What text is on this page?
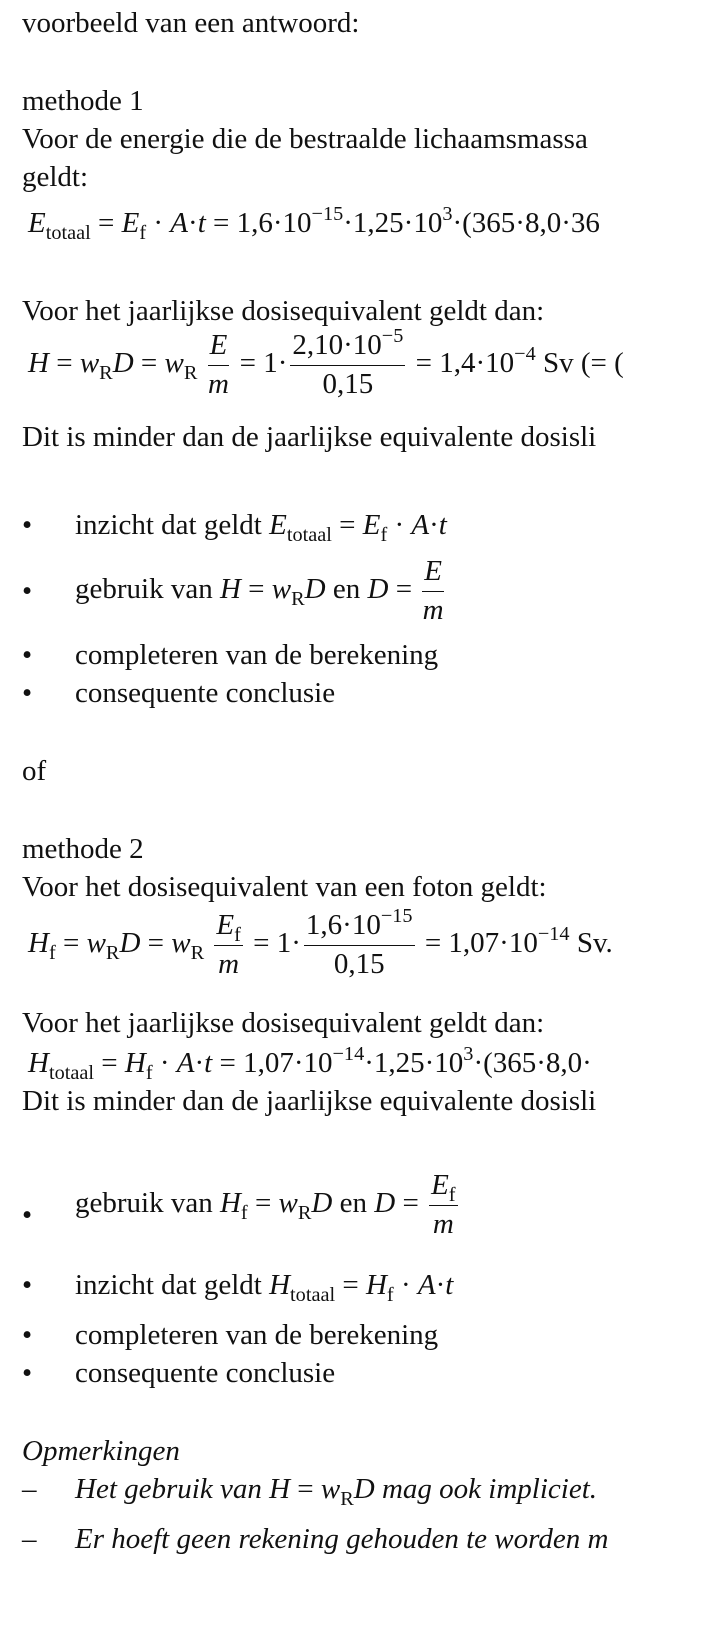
voorbeeld van een antwoord:
methode 1
Voor de energie die de bestraalde lichaamsmassa
geldt:
$E_{totaal} = E_f \cdot A\cdot t = 1,6\cdot 10^{-15}\cdot 1,25\cdot 10^3\cdot(365\cdot 8,0\cdot 36$
Voor het jaarlijkse dosisequivalent geldt dan:
$H = w_RD = w_R \frac{E}{m} = 1\cdot \frac{2,10\cdot 10^{-5}}{0,15} = 1,4\cdot 10^{-4}$ Sv (= (
Dit is minder dan de jaarlijkse equivalente dosisli
• inzicht dat geldt $E_{totaal} = E_f \cdot A\cdot t$
• gebruik van $H = w_RD$ en $D = \frac{E}{m}$
• completeren van de berekening
• consequente conclusie
of
methode 2
Voor het dosisequivalent van een foton geldt:
$H_f = w_RD = w_R \frac{E_f}{m} = 1\cdot \frac{1,6\cdot 10^{-15}}{0,15} = 1,07\cdot 10^{-14}$ Sv.
Voor het jaarlijkse dosisequivalent geldt dan:
$H_{totaal} = H_f \cdot A\cdot t = 1,07\cdot 10^{-14}\cdot 1,25\cdot 10^3\cdot(365\cdot 8,0\cdot$
Dit is minder dan de jaarlijkse equivalente dosisli
• gebruik van $H_f = w_RD$ en $D = \frac{E_f}{m}$
• inzicht dat geldt $H_{totaal} = H_f \cdot A\cdot t$
• completeren van de berekening
• consequente conclusie
Opmerkingen
– Het gebruik van $H = w_RD$ mag ook impliciet.
– Er hoeft geen rekening gehouden te worden m
